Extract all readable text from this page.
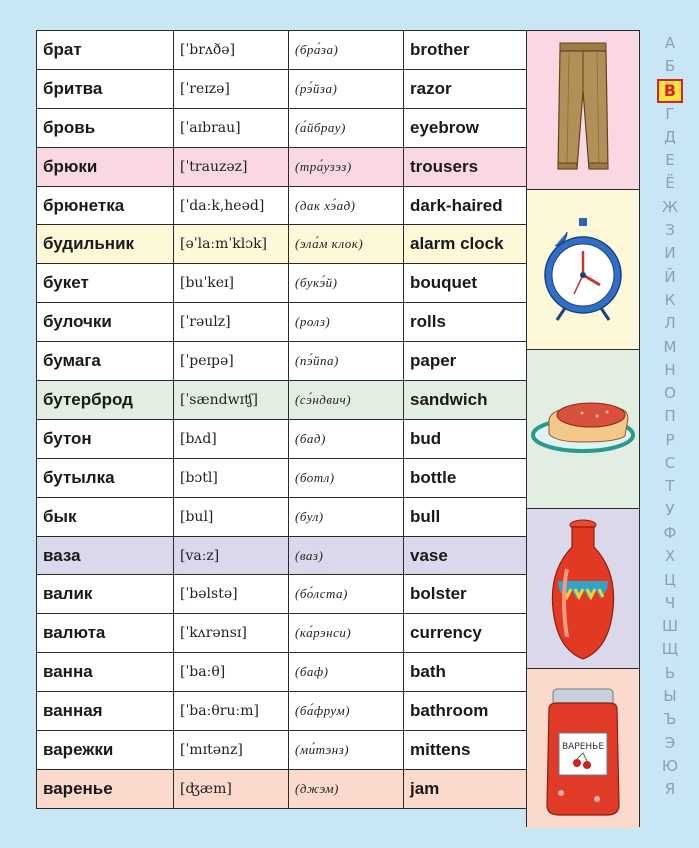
брат	[ˈbrʌðə]	(бра́зa)	brother
бритва	[ˈreɪzə]	(рэ́йзa)	razor
бровь	[ˈaɪbrau]	(а́йбрау)	eyebrow
брюки	[ˈtrauzəz]	(тра́узэз)	trousers
брюнетка	[ˈdaːk,heəd]	(дак хэ́ад)	dark-haired
будильник	[əˈlaːmˈklɔk]	(эла́м клок)	alarm clock
букет	[buˈkeɪ]	(букэ́й)	bouquet
булочки	[ˈrəulz]	(ролз)	rolls
бумага	[ˈpeɪpə]	(пэ́йпа)	paper
бутерброд	[ˈsændwɪʧ]	(сэ́ндвич)	sandwich
бутон	[bʌd]	(бад)	bud
бутылка	[bɔtl]	(ботл)	bottle
бык	[bul]	(бул)	bull
ваза	[vaːz]	(ваз)	vase
валик	[ˈbəlstə]	(бо́лста)	bolster
валюта	[ˈkʌrənsɪ]	(ка́рэнси)	currency
ванна	[ˈbaːθ]	(баф)	bath
ванная	[ˈbaːθruːm]	(ба́фрум)	bathroom
варежки	[ˈmɪtənz]	(ми́тэнз)	mittens
варенье	[ʤæm]	(джэм)	jam
ВАРЕНЬЕ
А
Б
В
Г
Д
Е
Ё
Ж
З
И
Й
К
Л
М
Н
О
П
Р
С
Т
У
Ф
Х
Ц
Ч
Ш
Щ
Ь
Ы
Ъ
Э
Ю
Я
